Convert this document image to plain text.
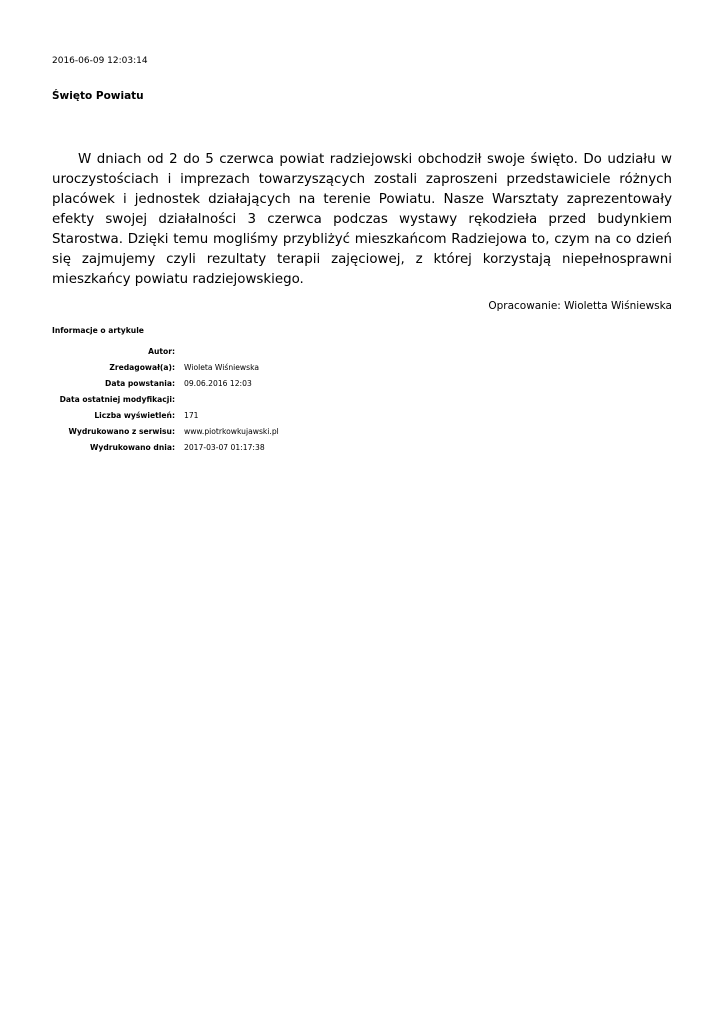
2016-06-09 12:03:14
Święto Powiatu

W dniach od 2 do 5 czerwca powiat radziejowski obchodził swoje święto. Do udziału w uroczystościach i imprezach towarzyszących zostali zaproszeni przedstawiciele różnych placówek i jednostek działających na terenie Powiatu. Nasze Warsztaty zaprezentowały efekty swojej działalności 3 czerwca podczas wystawy rękodzieła przed budynkiem Starostwa. Dzięki temu mogliśmy przybliżyć mieszkańcom Radziejowa to, czym na co dzień się zajmujemy czyli rezultaty terapii zajęciowej, z której korzystają niepełnosprawni mieszkańcy powiatu radziejowskiego.

Opracowanie: Wioletta Wiśniewska
Informacje o artykule
Autor:	
Zredagował(a):	Wioleta Wiśniewska
Data powstania:	09.06.2016 12:03
Data ostatniej modyfikacji:	
Liczba wyświetleń:	171
Wydrukowano z serwisu:	www.piotrkowkujawski.pl
Wydrukowano dnia:	2017-03-07 01:17:38
